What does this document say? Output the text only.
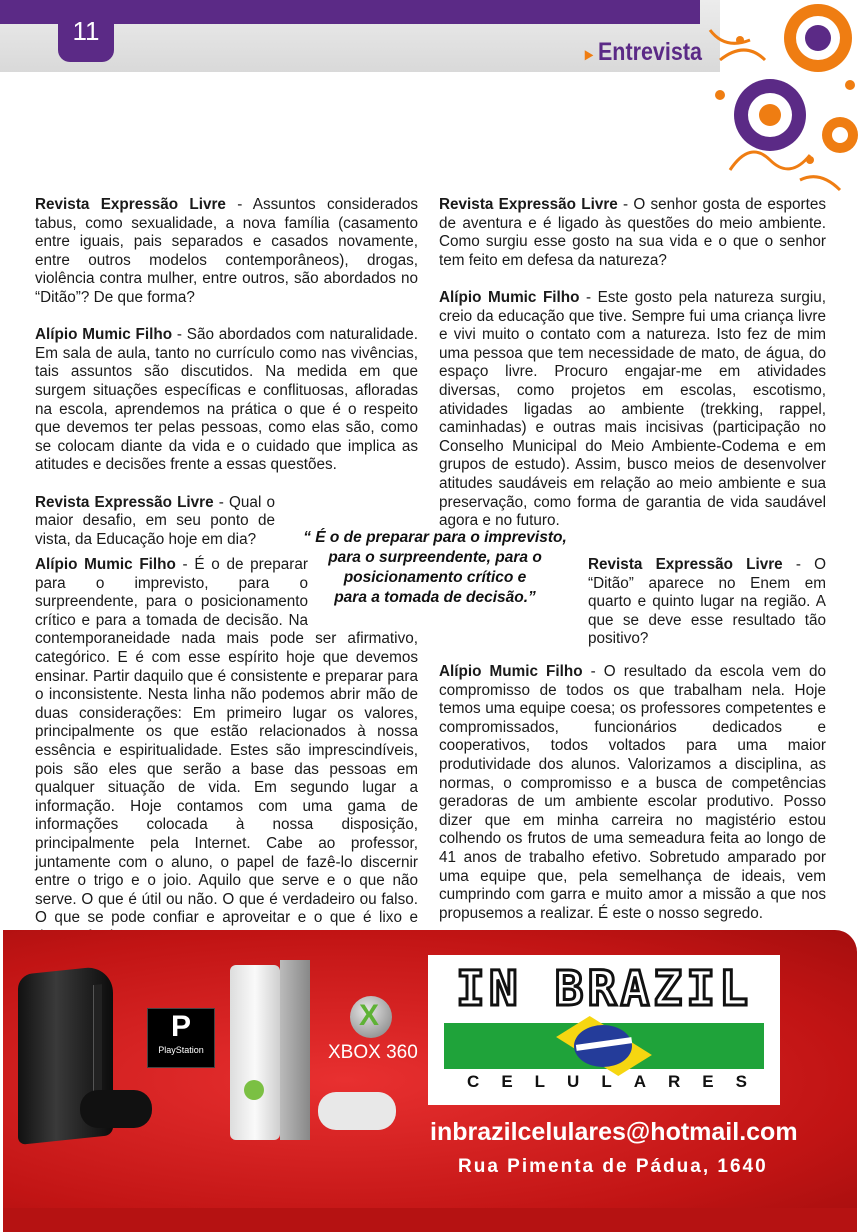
11
▸ Entrevista

Revista Expressão Livre - Assuntos considerados tabus, como sexualidade, a nova família (casamento entre iguais, pais separados e casados novamente, entre outros modelos contemporâneos), drogas, violência contra mulher, entre outros, são abordados no “Ditão”? De que forma?

Alípio Mumic Filho - São abordados com naturalidade. Em sala de aula, tanto no currículo como nas vivências, tais assuntos são discutidos. Na medida em que surgem situações específicas e conflituosas, afloradas na escola, aprendemos na prática o que é o respeito que devemos ter pelas pessoas, como elas são, como se colocam diante da vida e o cuidado que implica as atitudes e decisões frente a essas questões.

Revista Expressão Livre - Qual o maior desafio, em seu ponto de vista, da Educação hoje em dia?

Alípio Mumic Filho - É o de preparar para o imprevisto, para o surpreendente, para o posicionamento crítico e para a tomada de decisão. Na contemporaneidade nada mais pode ser afirmativo, categórico. E é com esse espírito hoje que devemos ensinar. Partir daquilo que é consistente e preparar para o inconsistente. Nesta linha não podemos abrir mão de duas considerações: Em primeiro lugar os valores, principalmente os que estão relacionados à nossa essência e espiritualidade. Estes são imprescindíveis, pois são eles que serão a base das pessoas em qualquer situação de vida. Em segundo lugar a informação. Hoje contamos com uma gama de informações colocada à nossa disposição, principalmente pela Internet. Cabe ao professor, juntamente com o aluno, o papel de fazê-lo discernir entre o trigo e o joio. Aquilo que serve e o que não serve. O que é útil ou não. O que é verdadeiro ou falso. O que se pode confiar e aproveitar e o que é lixo e

Revista Expressão Livre - O senhor gosta de esportes de aventura e é ligado às questões do meio ambiente. Como surgiu esse gosto na sua vida e o que o senhor tem feito em defesa da natureza?

Alípio Mumic Filho - Este gosto pela natureza surgiu, creio da educação que tive. Sempre fui uma criança livre e vivi muito o contato com a natureza. Isto fez de mim uma pessoa que tem necessidade de mato, de água, do espaço livre. Procuro engajar-me em atividades diversas, como projetos em escolas, escotismo, atividades ligadas ao ambiente (trekking, rappel, caminhadas) e outras mais incisivas (participação no Conselho Municipal do Meio Ambiente-Codema e em grupos de estudo). Assim, busco meios de desenvolver atitudes saudáveis em relação ao meio ambiente e sua preservação, como forma de garantia de vida saudável agora e no futuro.

Revista Expressão Livre - O “Ditão” aparece no Enem em quarto e quinto lugar na região. A que se deve esse resultado tão positivo?

Alípio Mumic Filho - O resultado da escola vem do compromisso de todos os que trabalham nela. Hoje temos uma equipe coesa; os professores competentes e compromissados, funcionários dedicados e cooperativos, todos voltados para uma maior produtividade dos alunos. Valorizamos a disciplina, as normas, o compromisso e a busca de competências geradoras de um ambiente escolar produtivo. Posso dizer que em minha carreira no magistério estou colhendo os frutos de uma semeadura feita ao longo de 41 anos de trabalho efetivo. Sobretudo amparado por uma equipe que, pela semelhança de ideais, vem cumprindo com garra e muito amor a missão a que nos propusemos a realizar. É este o nosso segredo.

“ É o de preparar para o imprevisto,
para o surpreendente, para o
posicionamento crítico e
para a tomada de decisão.”
P
PlayStation
X	XBOX 360
IN BRAZIL
CELULARES
inbrazilcelulares@hotmail.com
Rua Pimenta de Pádua, 1640
